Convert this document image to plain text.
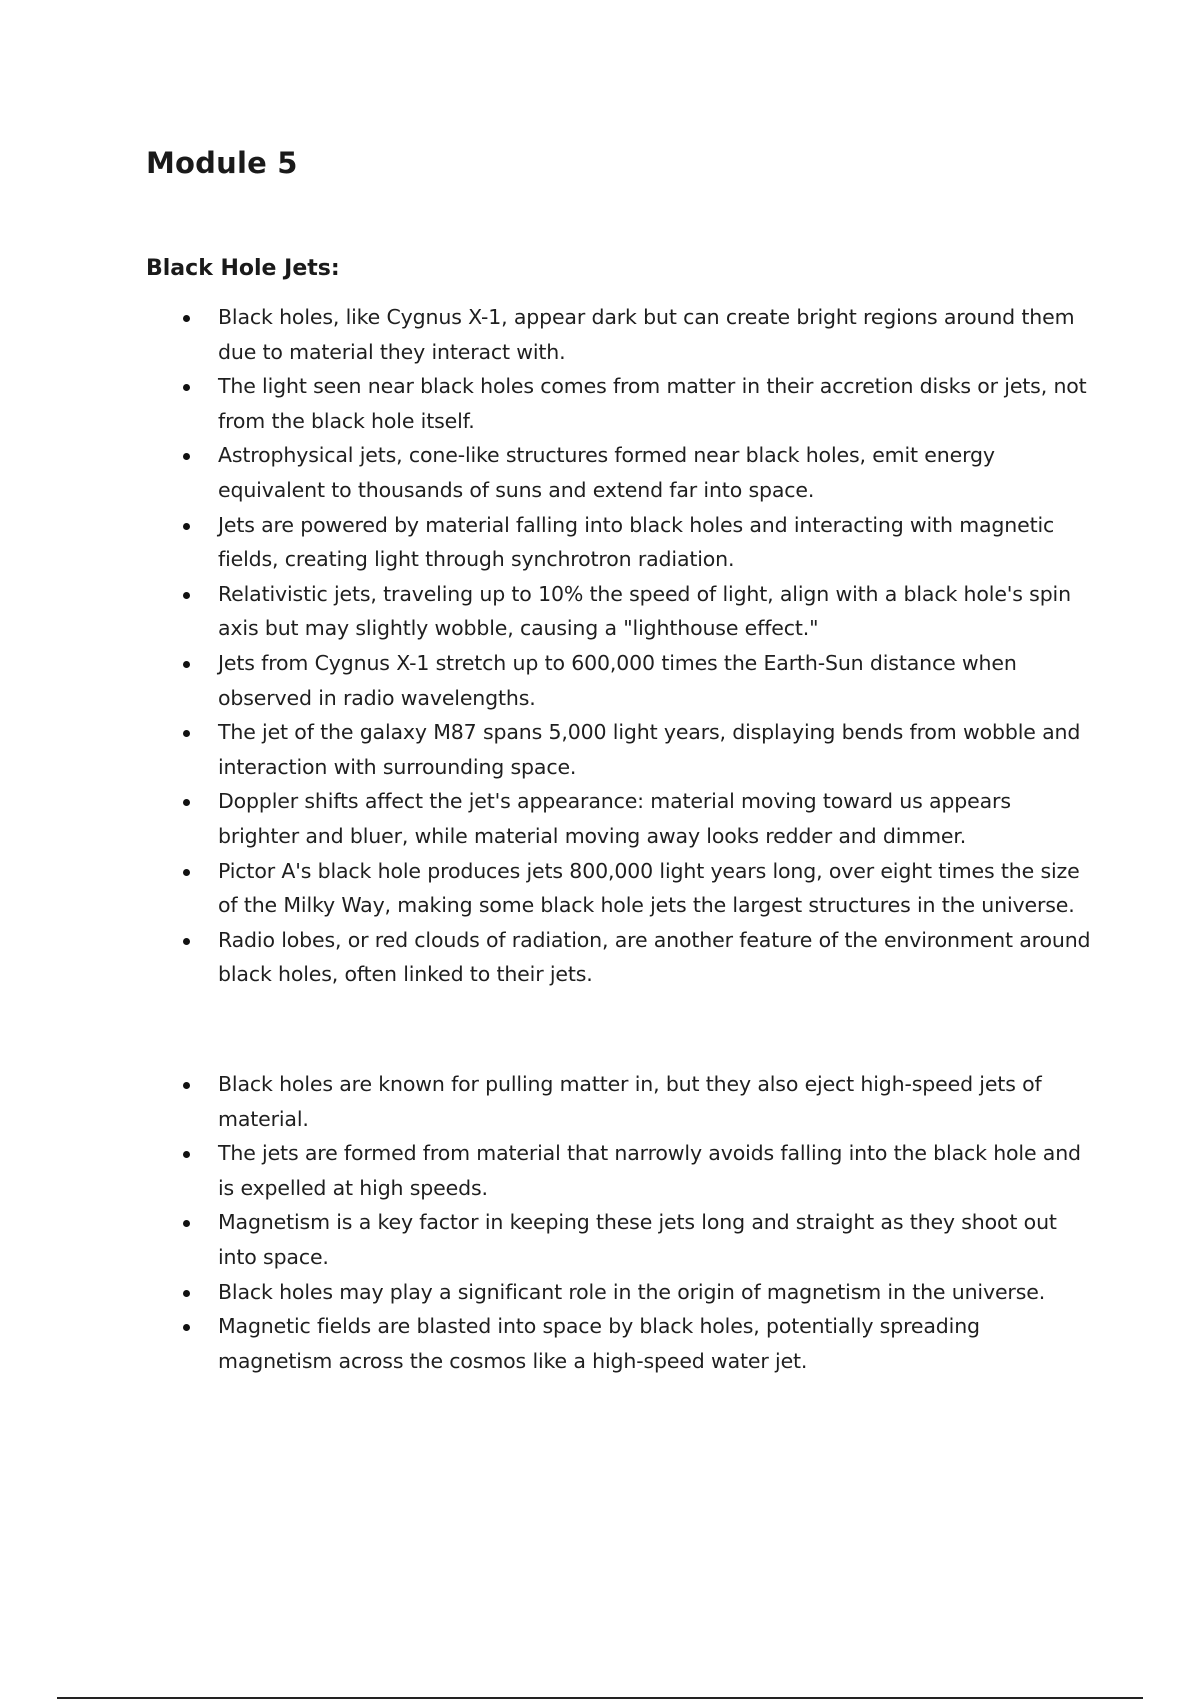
Module 5
Black Hole Jets:
Black holes, like Cygnus X-1, appear dark but can create bright regions around them due to material they interact with.
The light seen near black holes comes from matter in their accretion disks or jets, not from the black hole itself.
Astrophysical jets, cone-like structures formed near black holes, emit energy equivalent to thousands of suns and extend far into space.
Jets are powered by material falling into black holes and interacting with magnetic fields, creating light through synchrotron radiation.
Relativistic jets, traveling up to 10% the speed of light, align with a black hole's spin axis but may slightly wobble, causing a "lighthouse effect."
Jets from Cygnus X-1 stretch up to 600,000 times the Earth-Sun distance when observed in radio wavelengths.
The jet of the galaxy M87 spans 5,000 light years, displaying bends from wobble and interaction with surrounding space.
Doppler shifts affect the jet's appearance: material moving toward us appears brighter and bluer, while material moving away looks redder and dimmer.
Pictor A's black hole produces jets 800,000 light years long, over eight times the size of the Milky Way, making some black hole jets the largest structures in the universe.
Radio lobes, or red clouds of radiation, are another feature of the environment around black holes, often linked to their jets.
Black holes are known for pulling matter in, but they also eject high-speed jets of material.
The jets are formed from material that narrowly avoids falling into the black hole and is expelled at high speeds.
Magnetism is a key factor in keeping these jets long and straight as they shoot out into space.
Black holes may play a significant role in the origin of magnetism in the universe.
Magnetic fields are blasted into space by black holes, potentially spreading magnetism across the cosmos like a high-speed water jet.
